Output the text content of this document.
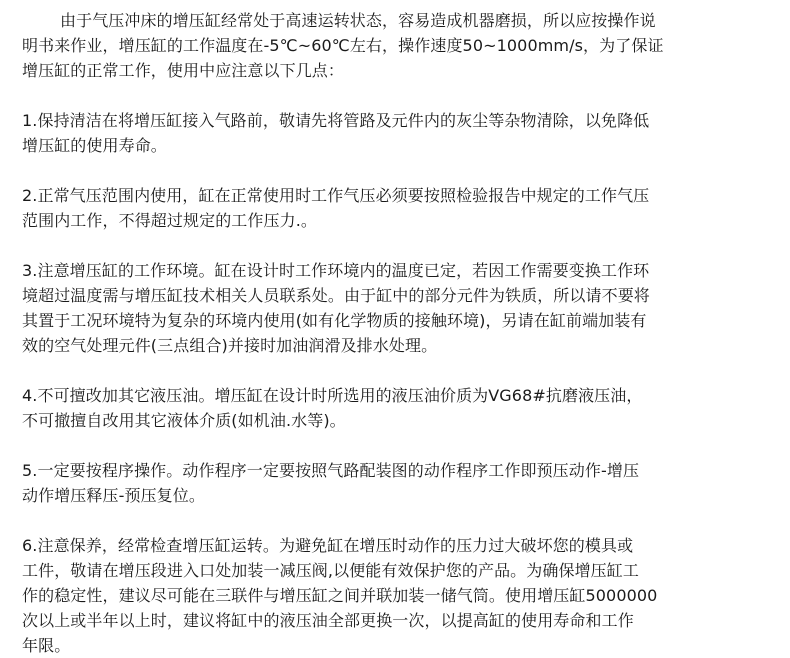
由于气压冲床的增压缸经常处于高速运转状态，容易造成机器磨损，所以应按操作说
明书来作业，增压缸的工作温度在-5℃~60℃左右，操作速度50~1000mm/s，为了保证
增压缸的正常工作，使用中应注意以下几点：

1.保持清洁在将增压缸接入气路前，敬请先将管路及元件内的灰尘等杂物清除，以免降低
增压缸的使用寿命。

2.正常气压范围内使用，缸在正常使用时工作气压必须要按照检验报告中规定的工作气压
范围内工作，不得超过规定的工作压力.。

3.注意增压缸的工作环境。缸在设计时工作环境内的温度已定，若因工作需要变换工作环
境超过温度需与增压缸技术相关人员联系处。由于缸中的部分元件为铁质，所以请不要将
其置于工况环境特为复杂的环境内使用(如有化学物质的接触环境)，另请在缸前端加装有
效的空气处理元件(三点组合)并接时加油润滑及排水处理。

4.不可擅改加其它液压油。增压缸在设计时所选用的液压油价质为VG68#抗磨液压油，
不可撤擅自改用其它液体介质(如机油.水等)。

5.一定要按程序操作。动作程序一定要按照气路配装图的动作程序工作即预压动作-增压
动作增压释压-预压复位。

6.注意保养，经常检查增压缸运转。为避免缸在增压时动作的压力过大破坏您的模具或
工件，敬请在增压段进入口处加装一减压阀,以便能有效保护您的产品。为确保增压缸工
作的稳定性，建议尽可能在三联件与增压缸之间并联加装一储气筒。使用增压缸5000000
次以上或半年以上时，建议将缸中的液压油全部更换一次，以提高缸的使用寿命和工作
年限。
